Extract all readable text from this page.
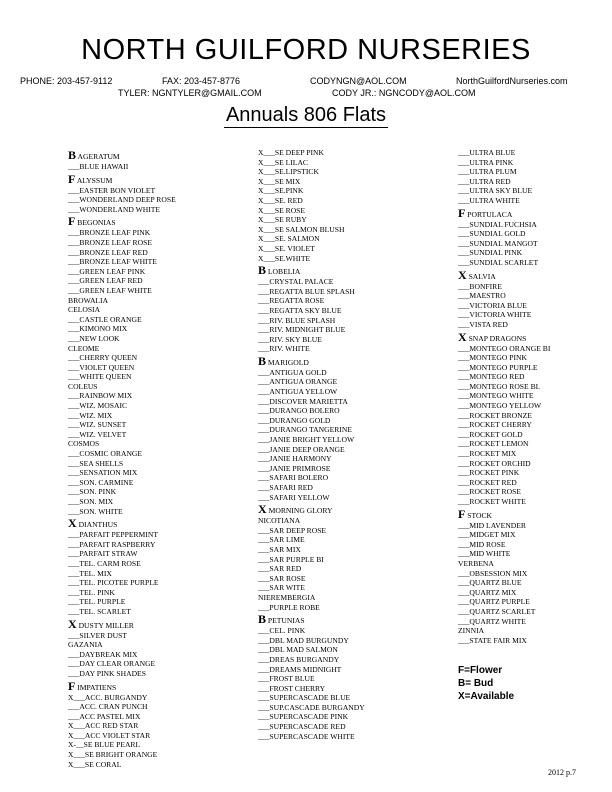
NORTH GUILFORD NURSERIES
PHONE: 203-457-9112	FAX: 203-457-8776	CODYNGN@AOL.COM	NorthGuilfordNurseries.com
TYLER: NGNTYLER@GMAIL.COM	CODY JR.: NGNCODY@AOL.COM
Annuals 806 Flats
B AGERATUM
___BLUE HAWAII
F ALYSSUM
___EASTER BON VIOLET
___WONDERLAND DEEP ROSE
___WONDERLAND WHITE
F BEGONIAS
___BRONZE LEAF PINK
___BRONZE LEAF ROSE
___BRONZE LEAF RED
___BRONZE LEAF WHITE
___GREEN LEAF PINK
___GREEN LEAF RED
___GREEN LEAF WHITE
BROWALIA
CELOSIA
___CASTLE ORANGE
___KIMONO MIX
___NEW LOOK
CLEOME
___CHERRY QUEEN
___VIOLET QUEEN
___WHITE QUEEN
COLEUS
___RAINBOW MIX
___WIZ. MOSAIC
___WIZ. MIX
___WIZ. SUNSET
___WIZ. VELVET
COSMOS
___COSMIC ORANGE
___SEA SHELLS
___SENSATION MIX
___SON. CARMINE
___SON. PINK
___SON. MIX
___SON. WHITE
X DIANTHUS
___PARFAIT PEPPERMINT
___PARFAIT RASPBERRY
___PARFAIT STRAW
___TEL. CARM ROSE
___TEL. MIX
___TEL. PICOTEE PURPLE
___TEL. PINK
___TEL. PURPLE
___TEL. SCARLET
X DUSTY MILLER
___SILVER DUST
GAZANIA
___DAYBREAK MIX
___DAY CLEAR ORANGE
___DAY PINK SHADES
F IMPATIENS
X___ACC. BURGANDY
___ACC. CRAN PUNCH
___ACC PASTEL MIX
X___ACC RED STAR
X___ACC VIOLET STAR
X-__SE BLUE PEARL
X___SE BRIGHT ORANGE
X___SE CORAL
X___SE DEEP PINK
X___SE LILAC
X___SE.LIPSTICK
X___SE MIX
X___SE.PINK
X___SE. RED
X___SE ROSE
X___SE RUBY
X___SE SALMON BLUSH
X___SE. SALMON
X___SE. VIOLET
X___SE.WHITE
B LOBELIA
___CRYSTAL PALACE
___REGATTA BLUE SPLASH
___REGATTA ROSE
___REGATTA SKY BLUE
___RIV. BLUE SPLASH
___RIV. MIDNIGHT BLUE
___RIV. SKY BLUE
___RIV. WHITE
B MARIGOLD
___ANTIGUA GOLD
___ANTIGUA ORANGE
___ANTIGUA YELLOW
___DISCOVER MARIETTA
___DURANGO BOLERO
___DURANGO GOLD
___DURANGO TANGERINE
___JANIE BRIGHT YELLOW
___JANIE DEEP ORANGE
___JANIE HARMONY
___JANIE PRIMROSE
___SAFARI BOLERO
___SAFARI RED
___SAFARI YELLOW
X MORNING GLORY
NICOTIANA
___SAR DEEP ROSE
___SAR LIME
___SAR MIX
___SAR PURPLE BI
___SAR RED
___SAR ROSE
___SAR WITE
NIEREMBERGIA
___PURPLE ROBE
B PETUNIAS
___CEL. PINK
___DBL MAD BURGUNDY
___DBL MAD SALMON
___DREAS BURGANDY
___DREAMS MIDNIGHT
___FROST BLUE
___FROST CHERRY
___SUPERCASCADE BLUE
___SUP.CASCADE BURGANDY
___SUPERCASCADE PINK
___SUPERCASCADE RED
___SUPERCASCADE WHITE
___ULTRA BLUE
___ULTRA PINK
___ULTRA PLUM
___ULTRA RED
___ULTRA SKY BLUE
___ULTRA WHITE
F PORTULACA
___SUNDIAL FUCHSIA
___SUNDIAL GOLD
___SUNDIAL MANGOT
___SUNDIAL PINK
___SUNDIAL SCARLET
X SALVIA
___BONFIRE
___MAESTRO
___VICTORIA BLUE
___VICTORIA WHITE
___VISTA RED
X SNAP DRAGONS
___MONTEGO ORANGE BI
___MONTEGO PINK
___MONTEGO PURPLE
___MONTEGO RED
___MONTEGO ROSE BI.
___MONTEGO WHITE
___MONTEGO YELLOW
___ROCKET BRONZE
___ROCKET CHERRY
___ROCKET GOLD
___ROCKET LEMON
___ROCKET MIX
___ROCKET ORCHID
___ROCKET PINK
___ROCKET RED
___ROCKET ROSE
___ROCKET WHITE
F STOCK
___MID LAVENDER
___MIDGET MIX
___MID ROSE
___MID WHITE
VERBENA
___OBSESSION MIX
___QUARTZ BLUE
___QUARTZ MIX
___QUARTZ PURPLE
___QUARTZ SCARLET
___QUARTZ WHITE
ZINNIA
___STATE FAIR MIX
F=Flower
B= Bud
X=Available
2012 p.7
